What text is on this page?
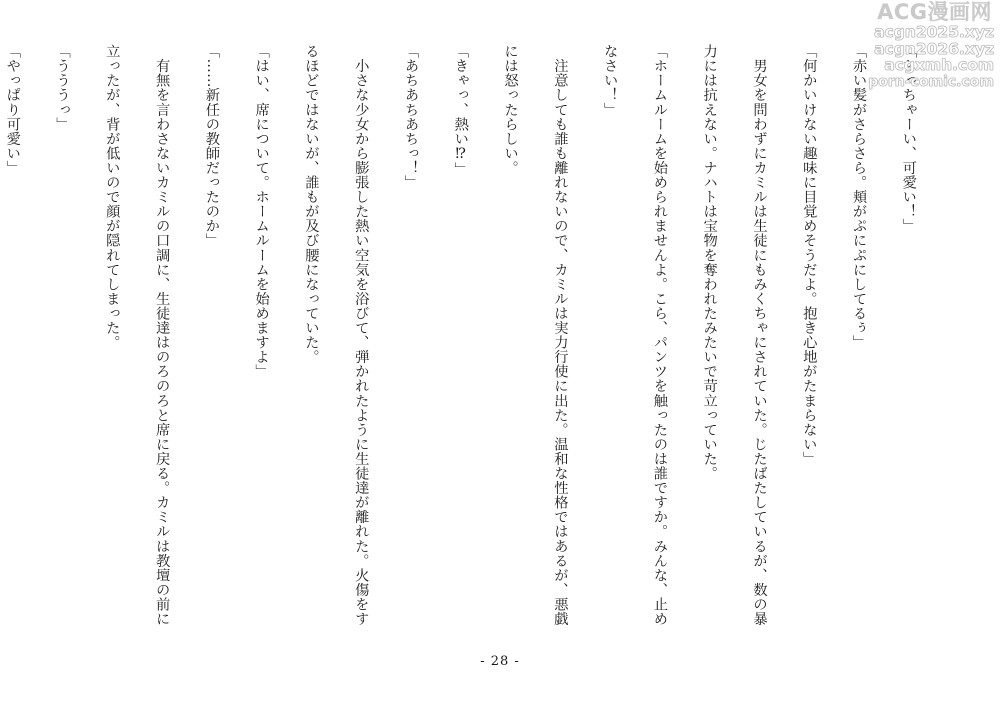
「ちっちゃーい、可愛い！」

「赤い髪がさらさら。頬がぷにぷにしてるぅ」

「何かいけない趣味に目覚めそうだよ。抱き心地がたまらない」

　男女を問わずにカミルは生徒にもみくちゃにされていた。じたばたしているが、数の暴

力には抗えない。ナハトは宝物を奪われたみたいで苛立っていた。

「ホームルームを始められませんよ。こら、パンツを触ったのは誰ですか。みんな、止め

なさい！」

　注意しても誰も離れないので、カミルは実力行使に出た。温和な性格ではあるが、悪戯

には怒ったらしい。

「きゃっ、熱い⁉」

「あちあちあちっ！」

　小さな少女から膨張した熱い空気を浴びて、弾かれたように生徒達が離れた。火傷をす

るほどではないが、誰もが及び腰になっていた。

「はい、席について。ホームルームを始めますよ」

「……新任の教師だったのか」

　有無を言わさないカミルの口調に、生徒達はのろのろと席に戻る。カミルは教壇の前に

立ったが、背が低いので顔が隠れてしまった。

「うううっ」

「やっぱり可愛い」

- 28 -
ACG漫画网
acgn2025.xyz
acgn2026.xyz
acgxmh.com
porn-comic.com
